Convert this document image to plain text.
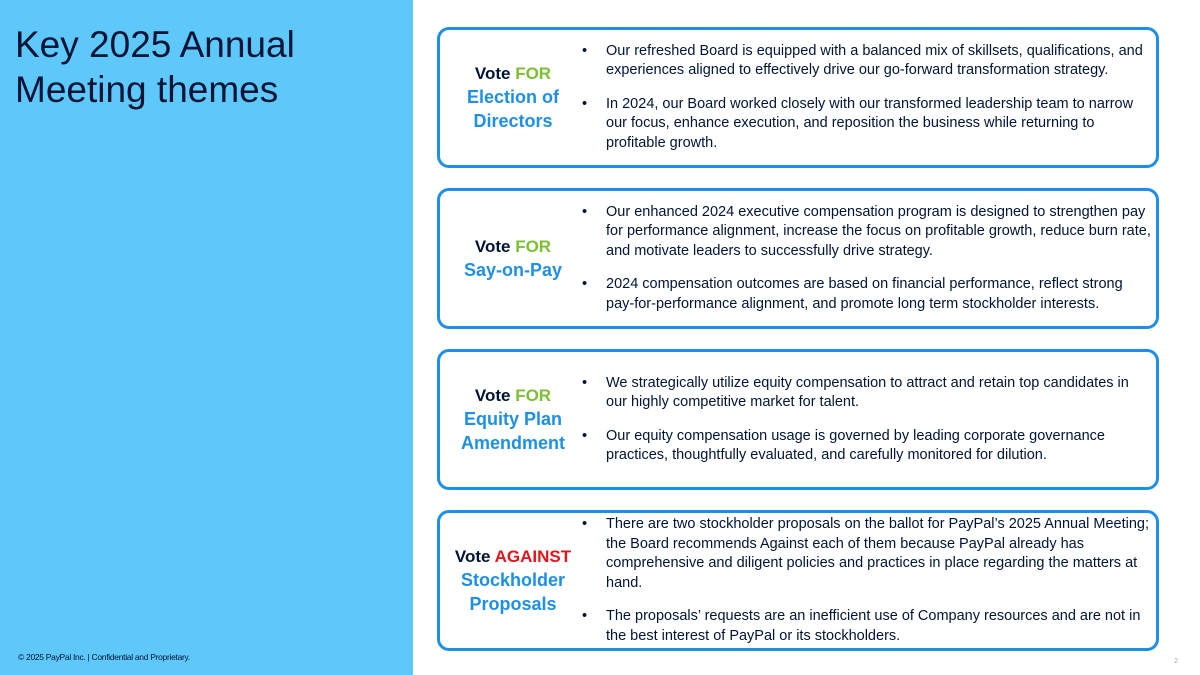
Key 2025 Annual Meeting themes
© 2025 PayPal Inc. | Confidential and Proprietary.
Vote FOR
Election of Directors
• Our refreshed Board is equipped with a balanced mix of skillsets, qualifications, and experiences aligned to effectively drive our go-forward transformation strategy.
• In 2024, our Board worked closely with our transformed leadership team to narrow our focus, enhance execution, and reposition the business while returning to profitable growth.
Vote FOR
Say-on-Pay
• Our enhanced 2024 executive compensation program is designed to strengthen pay for performance alignment, increase the focus on profitable growth, reduce burn rate, and motivate leaders to successfully drive strategy.
• 2024 compensation outcomes are based on financial performance, reflect strong pay-for-performance alignment, and promote long term stockholder interests.
Vote FOR
Equity Plan Amendment
• We strategically utilize equity compensation to attract and retain top candidates in our highly competitive market for talent.
• Our equity compensation usage is governed by leading corporate governance practices, thoughtfully evaluated, and carefully monitored for dilution.
Vote AGAINST
Stockholder Proposals
• There are two stockholder proposals on the ballot for PayPal’s 2025 Annual Meeting; the Board recommends Against each of them because PayPal already has comprehensive and diligent policies and practices in place regarding the matters at hand.
• The proposals’ requests are an inefficient use of Company resources and are not in the best interest of PayPal or its stockholders.
2
